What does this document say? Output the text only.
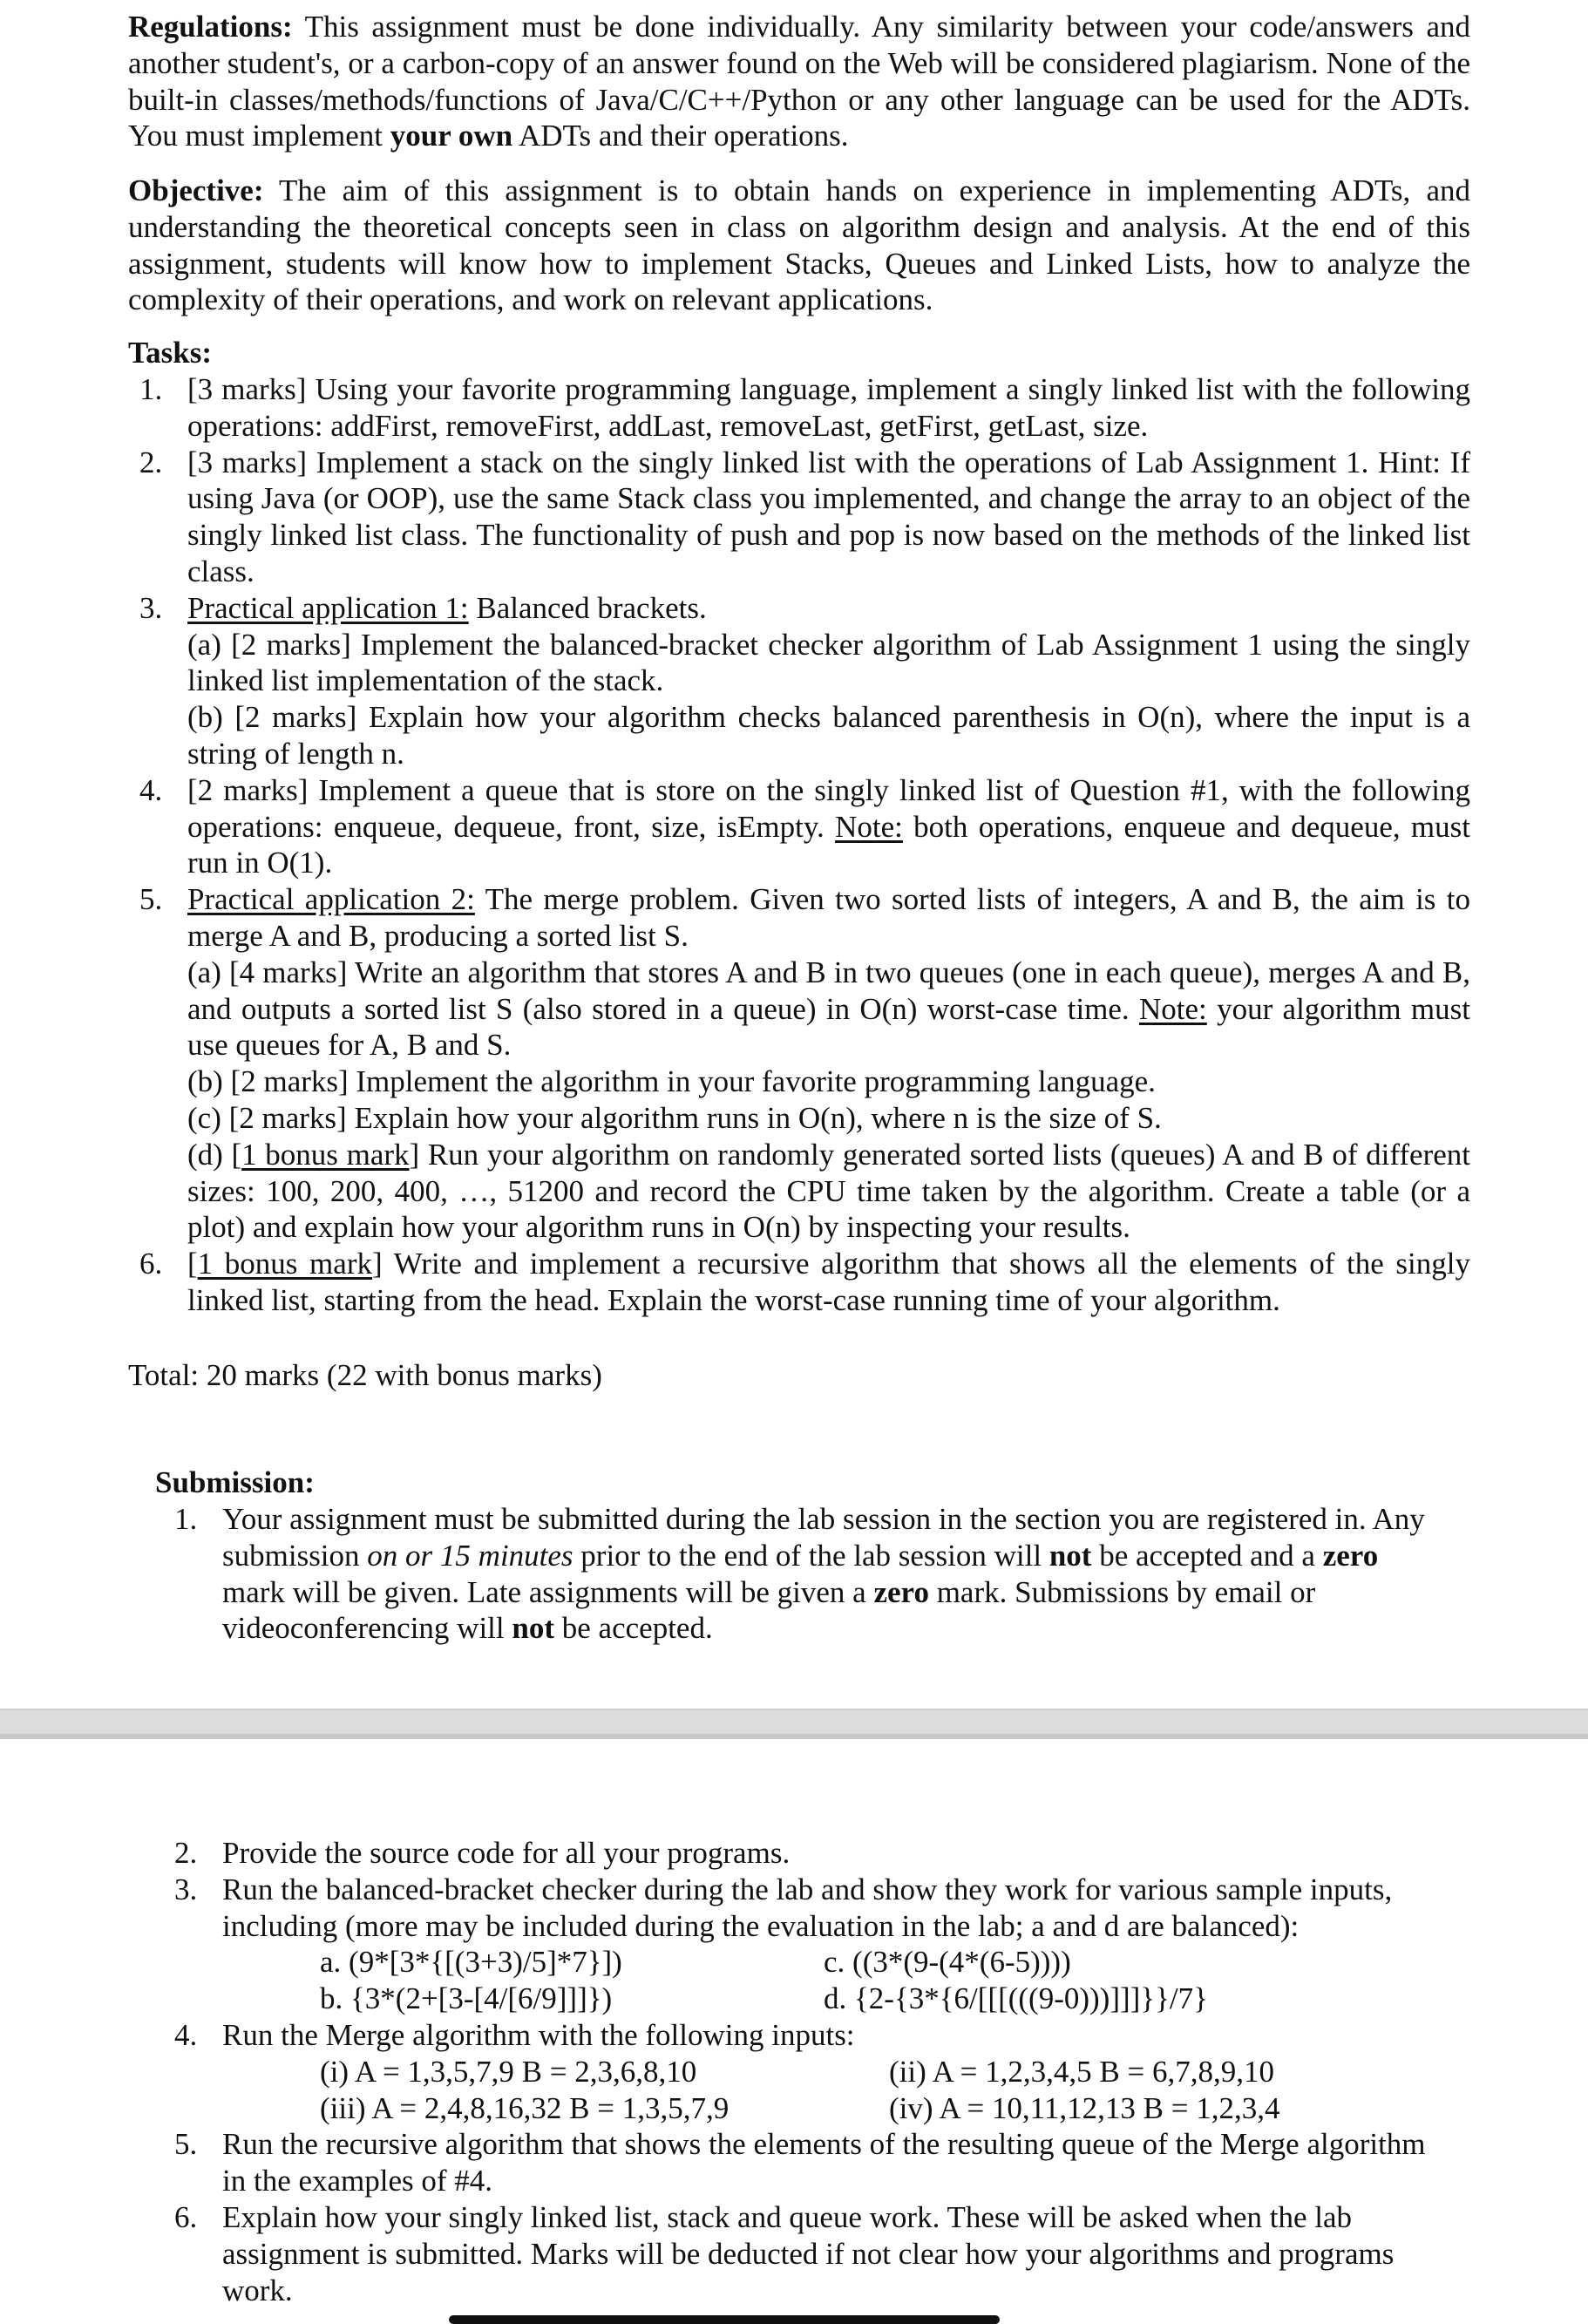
Regulations: This assignment must be done individually. Any similarity between your code/answers and another student's, or a carbon-copy of an answer found on the Web will be considered plagiarism. None of the built-in classes/methods/functions of Java/C/C++/Python or any other language can be used for the ADTs. You must implement your own ADTs and their operations.

Objective: The aim of this assignment is to obtain hands on experience in implementing ADTs, and understanding the theoretical concepts seen in class on algorithm design and analysis. At the end of this assignment, students will know how to implement Stacks, Queues and Linked Lists, how to analyze the complexity of their operations, and work on relevant applications.

Tasks:

1. [3 marks] Using your favorite programming language, implement a singly linked list with the following operations: addFirst, removeFirst, addLast, removeLast, getFirst, getLast, size.
2. [3 marks] Implement a stack on the singly linked list with the operations of Lab Assignment 1. Hint: If using Java (or OOP), use the same Stack class you implemented, and change the array to an object of the singly linked list class. The functionality of push and pop is now based on the methods of the linked list class.
3. Practical application 1: Balanced brackets.
(a) [2 marks] Implement the balanced-bracket checker algorithm of Lab Assignment 1 using the singly linked list implementation of the stack.
(b) [2 marks] Explain how your algorithm checks balanced parenthesis in O(n), where the input is a string of length n.
4. [2 marks] Implement a queue that is store on the singly linked list of Question #1, with the following operations: enqueue, dequeue, front, size, isEmpty. Note: both operations, enqueue and dequeue, must run in O(1).
5. Practical application 2: The merge problem. Given two sorted lists of integers, A and B, the aim is to merge A and B, producing a sorted list S.
(a) [4 marks] Write an algorithm that stores A and B in two queues (one in each queue), merges A and B, and outputs a sorted list S (also stored in a queue) in O(n) worst-case time. Note: your algorithm must use queues for A, B and S.
(b) [2 marks] Implement the algorithm in your favorite programming language.
(c) [2 marks] Explain how your algorithm runs in O(n), where n is the size of S.
(d) [1 bonus mark] Run your algorithm on randomly generated sorted lists (queues) A and B of different sizes: 100, 200, 400, …, 51200 and record the CPU time taken by the algorithm. Create a table (or a plot) and explain how your algorithm runs in O(n) by inspecting your results.
6. [1 bonus mark] Write and implement a recursive algorithm that shows all the elements of the singly linked list, starting from the head. Explain the worst-case running time of your algorithm.

Total: 20 marks (22 with bonus marks)

Submission:

1. Your assignment must be submitted during the lab session in the section you are registered in. Any submission on or 15 minutes prior to the end of the lab session will not be accepted and a zero mark will be given. Late assignments will be given a zero mark. Submissions by email or videoconferencing will not be accepted.
2. Provide the source code for all your programs.
3. Run the balanced-bracket checker during the lab and show they work for various sample inputs, including (more may be included during the evaluation in the lab; a and d are balanced):
a. (9*[3*{[(3+3)/5]*7}])	c. ((3*(9-(4*(6-5))))
b. {3*(2+[3-[4/[6/9]]]})	d. {2-{3*{6/[[[(((9-0)))]]]}}/7}
4. Run the Merge algorithm with the following inputs:
(i) A = 1,3,5,7,9 B = 2,3,6,8,10	(ii) A = 1,2,3,4,5 B = 6,7,8,9,10
(iii) A = 2,4,8,16,32 B = 1,3,5,7,9	(iv) A = 10,11,12,13 B = 1,2,3,4
5. Run the recursive algorithm that shows the elements of the resulting queue of the Merge algorithm in the examples of #4.
6. Explain how your singly linked list, stack and queue work. These will be asked when the lab assignment is submitted. Marks will be deducted if not clear how your algorithms and programs work.
